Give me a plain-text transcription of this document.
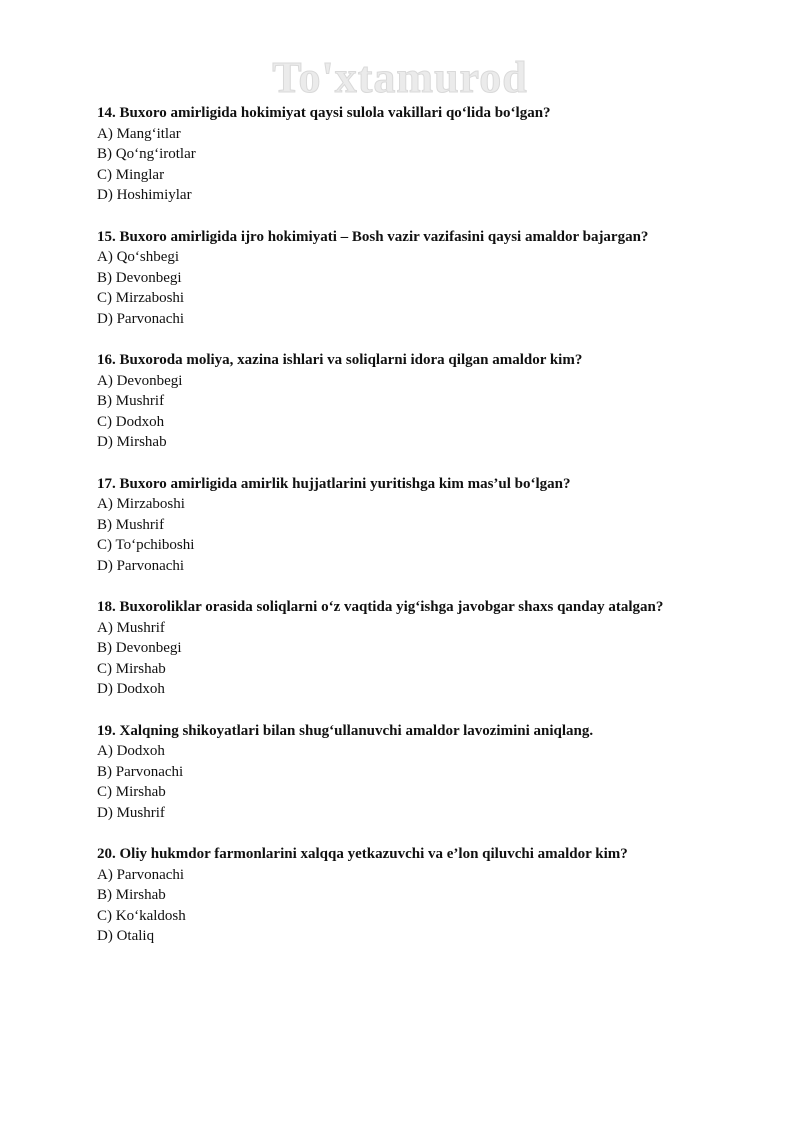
To'xtamurod
14. Buxoro amirligida hokimiyat qaysi sulola vakillari qo‘lida bo‘lgan?
A) Mang‘itlar
B) Qo‘ng‘irotlar
C) Minglar
D) Hoshimiylar
15. Buxoro amirligida ijro hokimiyati – Bosh vazir vazifasini qaysi amaldor bajargan?
A) Qo‘shbegi
B) Devonbegi
C) Mirzaboshi
D) Parvonachi
16. Buxoroda moliya, xazina ishlari va soliqlarni idora qilgan amaldor kim?
A) Devonbegi
B) Mushrif
C) Dodxoh
D) Mirshab
17. Buxoro amirligida amirlik hujjatlarini yuritishga kim mas’ul bo‘lgan?
A) Mirzaboshi
B) Mushrif
C) To‘pchiboshi
D) Parvonachi
18. Buxoroliklar orasida soliqlarni o‘z vaqtida yig‘ishga javobgar shaxs qanday atalgan?
A) Mushrif
B) Devonbegi
C) Mirshab
D) Dodxoh
19. Xalqning shikoyatlari bilan shug‘ullanuvchi amaldor lavozimini aniqlang.
A) Dodxoh
B) Parvonachi
C) Mirshab
D) Mushrif
20. Oliy hukmdor farmonlarini xalqqa yetkazuvchi va e’lon qiluvchi amaldor kim?
A) Parvonachi
B) Mirshab
C) Ko‘kaldosh
D) Otaliq
